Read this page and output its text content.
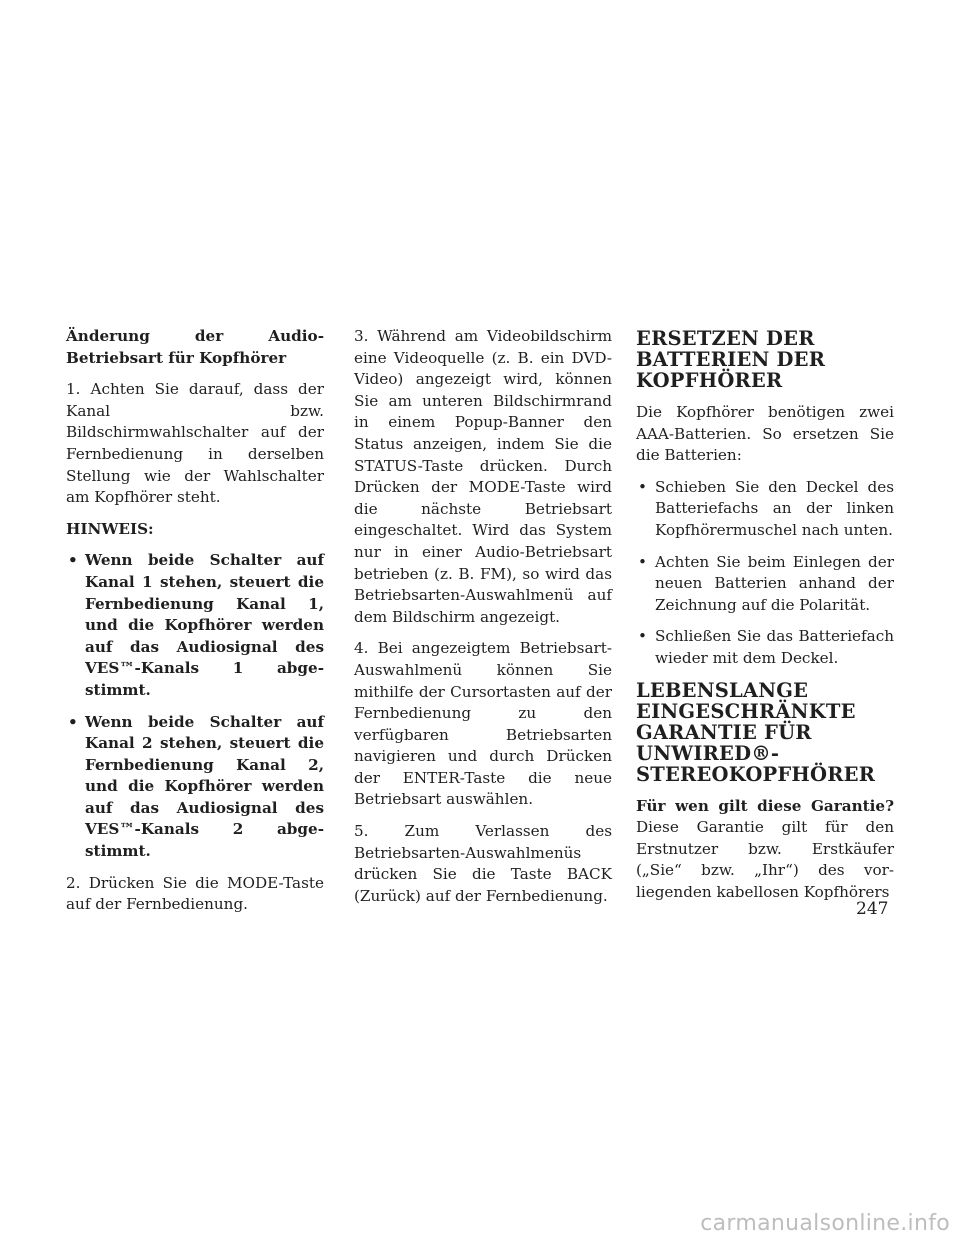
Änderung der Audio-Betriebsart für Kopfhörer

1. Achten Sie darauf, dass der Kanal bzw. Bildschirmwahlschalter auf der Fernbedienung in derselben Stellung wie der Wahlschalter am Kopfhörer steht.

HINWEIS:

• Wenn beide Schalter auf Kanal 1 stehen, steuert die Fernbedienung Kanal 1, und die Kopfhörer werden auf das Audiosignal des VES™-Kanals 1 abgestimmt.
• Wenn beide Schalter auf Kanal 2 stehen, steuert die Fernbedienung Kanal 2, und die Kopfhörer werden auf das Audiosignal des VES™-Kanals 2 abgestimmt.

2. Drücken Sie die MODE-Taste auf der Fernbedienung.

3. Während am Videobildschirm eine Videoquelle (z. B. ein DVD-Video) angezeigt wird, können Sie am unteren Bildschirmrand in einem Popup-Banner den Status anzeigen, indem Sie die STATUS-Taste drücken. Durch Drücken der MODE-Taste wird die nächste Betriebsart eingeschaltet. Wird das System nur in einer Audio-Betriebsart betrieben (z. B. FM), so wird das Betriebsarten-Auswahlmenü auf dem Bildschirm angezeigt.

4. Bei angezeigtem Betriebsart-Auswahlmenü können Sie mithilfe der Cursortasten auf der Fernbedienung zu den verfügbaren Betriebsarten navigieren und durch Drücken der ENTER-Taste die neue Betriebsart auswählen.

5. Zum Verlassen des Betriebsarten-Auswahlmenüs drücken Sie die Taste BACK (Zurück) auf der Fernbedienung.

ERSETZEN DER BATTERIEN DER KOPFHÖRER

Die Kopfhörer benötigen zwei AAA-Batterien. So ersetzen Sie die Batterien:

• Schieben Sie den Deckel des Batteriefachs an der linken Kopfhörermuschel nach unten.
• Achten Sie beim Einlegen der neuen Batterien anhand der Zeichnung auf die Polarität.
• Schließen Sie das Batteriefach wieder mit dem Deckel.
LEBENSLANGE EINGESCHRÄNKTE GARANTIE FÜR UNWIRED®-STEREOKOPFHÖRER

Für wen gilt diese Garantie? Diese Garantie gilt für den Erstnutzer bzw. Erstkäufer („Sie“ bzw. „Ihr“) des vorliegenden kabellosen Kopfhörers

247
carmanualsonline.info
